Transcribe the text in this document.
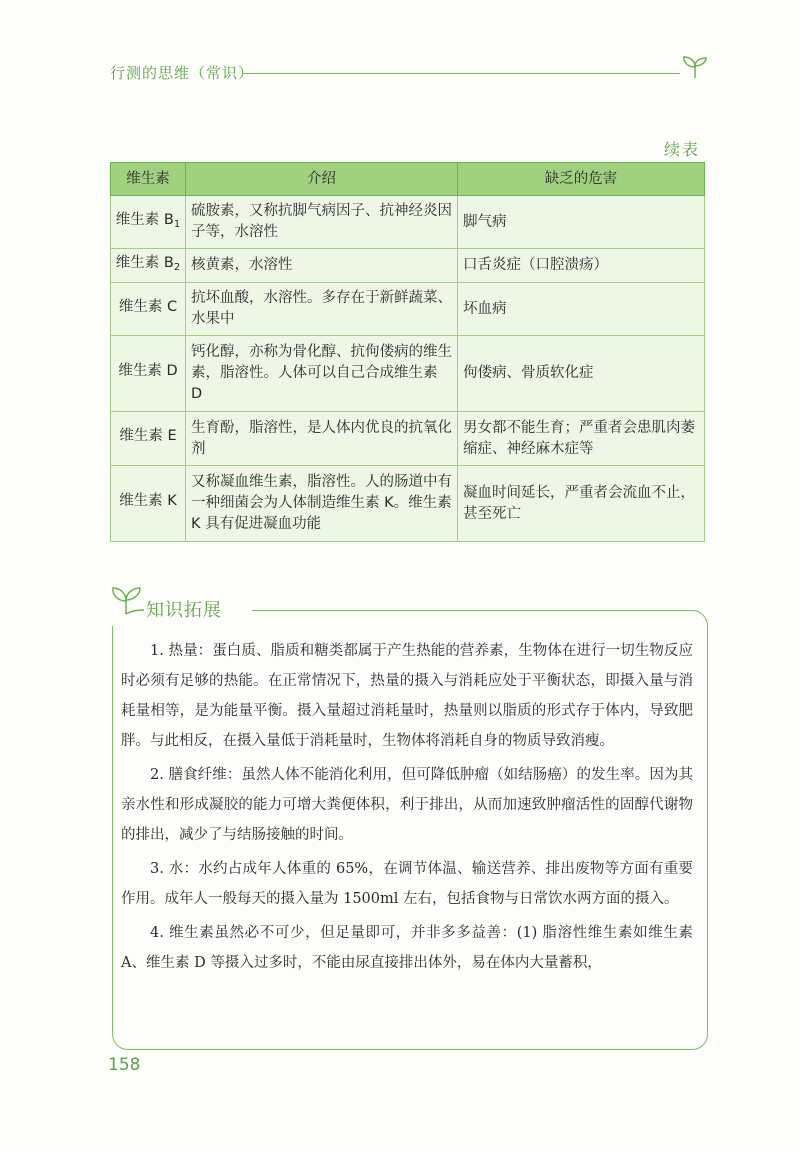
行测的思维（常识）
续表
维生素	介绍	缺乏的危害
维生素 $B_1$	硫胺素，又称抗脚气病因子、抗神经炎因子等，水溶性	脚气病
维生素 $B_2$	核黄素，水溶性	口舌炎症（口腔溃疡）
维生素 C	抗坏血酸，水溶性。多存在于新鲜蔬菜、水果中	坏血病
维生素 D	钙化醇，亦称为骨化醇、抗佝偻病的维生素，脂溶性。人体可以自己合成维生素 D	佝偻病、骨质软化症
维生素 E	生育酚，脂溶性，是人体内优良的抗氧化剂	男女都不能生育；严重者会患肌肉萎缩症、神经麻木症等
维生素 K	又称凝血维生素，脂溶性。人的肠道中有一种细菌会为人体制造维生素 K。维生素 K 具有促进凝血功能	凝血时间延长，严重者会流血不止，甚至死亡
知识拓展

1. 热量：蛋白质、脂质和糖类都属于产生热能的营养素，生物体在进行一切生物反应时必须有足够的热能。在正常情况下，热量的摄入与消耗应处于平衡状态，即摄入量与消耗量相等，是为能量平衡。摄入量超过消耗量时，热量则以脂质的形式存于体内，导致肥胖。与此相反，在摄入量低于消耗量时，生物体将消耗自身的物质导致消瘦。

2. 膳食纤维：虽然人体不能消化利用，但可降低肿瘤（如结肠癌）的发生率。因为其亲水性和形成凝胶的能力可增大粪便体积，利于排出，从而加速致肿瘤活性的固醇代谢物的排出，减少了与结肠接触的时间。

3. 水：水约占成年人体重的 65%，在调节体温、输送营养、排出废物等方面有重要作用。成年人一般每天的摄入量为 1500ml 左右，包括食物与日常饮水两方面的摄入。

4. 维生素虽然必不可少，但足量即可，并非多多益善：(1) 脂溶性维生素如维生素 A、维生素 D 等摄入过多时，不能由尿直接排出体外，易在体内大量蓄积，

158
